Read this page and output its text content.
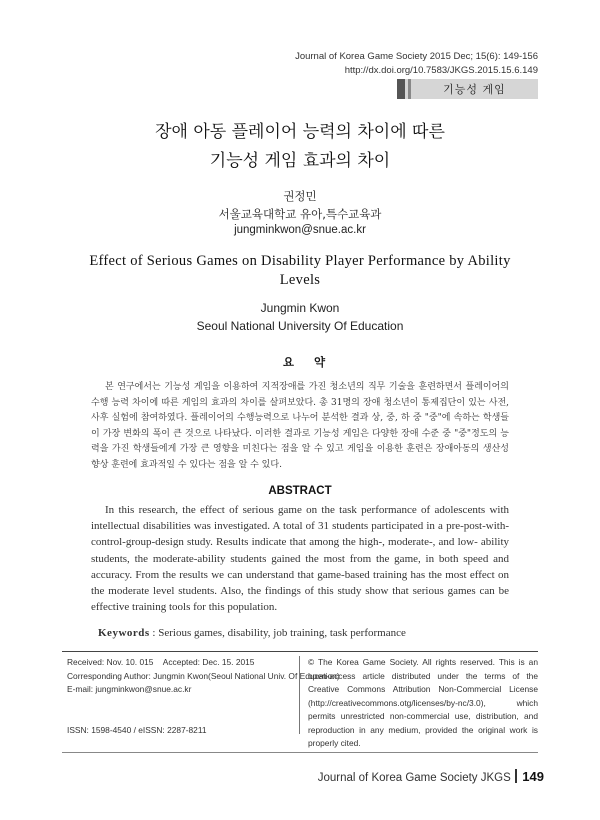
Journal of Korea Game Society 2015 Dec; 15(6): 149-156
http://dx.doi.org/10.7583/JKGS.2015.15.6.149
기능성 게임
장애 아동 플레이어 능력의 차이에 따른
기능성 게임 효과의 차이
권정민
서울교육대학교 유아,특수교육과
jungminkwon@snue.ac.kr
Effect of Serious Games on Disability Player Performance by Ability Levels
Jungmin Kwon
Seoul National University Of Education
요 약
본 연구에서는 기능성 게임을 이용하여 지적장애를 가진 청소년의 직무 기술을 훈련하면서 플레이어의 수행 능력 차이에 따른 게임의 효과의 차이를 살펴보았다. 총 31명의 장애 청소년이 통제집단이 있는 사전, 사후 실험에 참여하였다. 플레이어의 수행능력으로 나누어 분석한 결과 상, 중, 하 중 "중"에 속하는 학생들이 가장 변화의 폭이 큰 것으로 나타났다. 이러한 결과로 기능성 게임은 다양한 장애 수준 중 "중"정도의 능력을 가진 학생들에게 가장 큰 영향을 미친다는 점을 알 수 있고 게임을 이용한 훈련은 장애아동의 생산성 향상 훈련에 효과적일 수 있다는 점을 알 수 있다.
ABSTRACT
In this research, the effect of serious game on the task performance of adolescents with intellectual disabilities was investigated. A total of 31 students participated in a pre-post-with-control-group-design study. Results indicate that among the high-, moderate-, and low- ability students, the moderate-ability students gained the most from the game, in both speed and accuracy. From the results we can understand that game-based training has the most effect on the moderate level students. Also, the findings of this study show that serious games can be effective training tools for this population.
Keywords : Serious games, disability, job training, task performance
Received: Nov. 10. 015 Accepted: Dec. 15. 2015
Corresponding Author: Jungmin Kwon(Seoul National Univ. Of Education)
E-mail: jungminkwon@snue.ac.kr
ISSN: 1598-4540 / eISSN: 2287-8211
© The Korea Game Society. All rights reserved. This is an open-access article distributed under the terms of the Creative Commons Attribution Non-Commercial License (http://creativecommons.otg/licenses/by-nc/3.0), which permits unrestricted non-commercial use, distribution, and reproduction in any medium, provided the original work is properly cited.
Journal of Korea Game Society JKGS 149
